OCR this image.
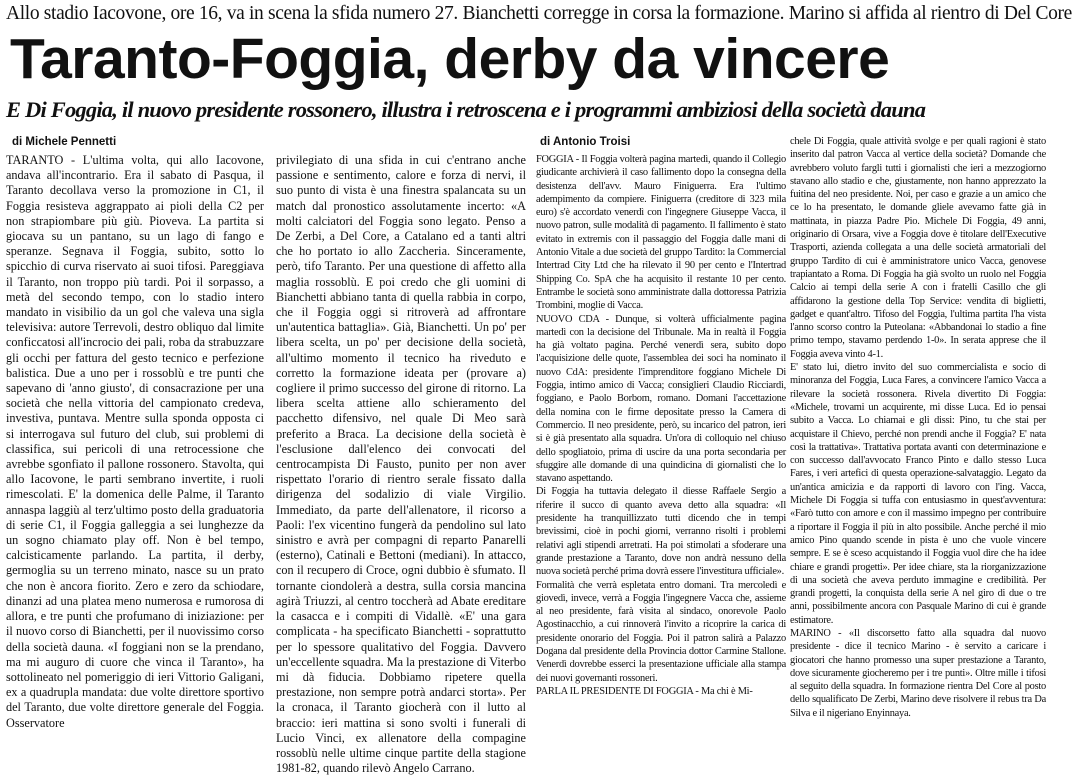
Allo stadio Iacovone, ore 16, va in scena la sfida numero 27. Bianchetti corregge in corsa la formazione. Marino si affida al rientro di Del Core
Taranto-Foggia, derby da vincere
E Di Foggia, il nuovo presidente rossonero, illustra i retroscena e i programmi ambiziosi della società dauna
di Michele Pennetti	di Antonio Troisi

TARANTO - L'ultima volta, qui allo Iacovone, andava all'incontrario. Era il sabato di Pasqua, il Taranto decollava verso la promozione in C1, il Foggia resisteva aggrappato ai pioli della C2 per non strapiombare più giù. Pioveva. La partita si giocava su un pantano, su un lago di fango e speranze. Segnava il Foggia, subito, sotto lo spicchio di curva riservato ai suoi tifosi. Pareggiava il Taranto, non troppo più tardi. Poi il sorpasso, a metà del secondo tempo, con lo stadio intero mandato in visibilio da un gol che valeva una sigla televisiva: autore Terrevoli, destro obliquo dal limite conficcatosi all'incrocio dei pali, roba da strabuzzare gli occhi per fattura del gesto tecnico e perfezione balistica. Due a uno per i rossoblù e tre punti che sapevano di 'anno giusto', di consacrazione per una società che nella vittoria del campionato credeva, investiva, puntava. Mentre sulla sponda opposta ci si interrogava sul futuro del club, sui problemi di classifica, sui pericoli di una retrocessione che avrebbe sgonfiato il pallone rossonero. Stavolta, qui allo Iacovone, le parti sembrano invertite, i ruoli rimescolati. E' la domenica delle Palme, il Taranto annaspa laggiù al terz'ultimo posto della graduatoria di serie C1, il Foggia galleggia a sei lunghezze da un sogno chiamato play off. Non è bel tempo, calcisticamente parlando. La partita, il derby, germoglia su un terreno minato, nasce su un prato che non è ancora fiorito. Zero e zero da schiodare, dinanzi ad una platea meno numerosa e rumorosa di allora, e tre punti che profumano di iniziazione: per il nuovo corso di Bianchetti, per il nuovissimo corso della società dauna. «I foggiani non se la prendano, ma mi auguro di cuore che vinca il Taranto», ha sottolineato nel pomeriggio di ieri Vittorio Galigani, ex a quadrupla mandata: due volte direttore sportivo del Taranto, due volte direttore generale del Foggia. Osservatore

privilegiato di una sfida in cui c'entrano anche passione e sentimento, calore e forza di nervi, il suo punto di vista è una finestra spalancata su un match dal pronostico assolutamente incerto: «A molti calciatori del Foggia sono legato. Penso a De Zerbi, a Del Core, a Catalano ed a tanti altri che ho portato io allo Zaccheria. Sinceramente, però, tifo Taranto. Per una questione di affetto alla maglia rossoblù. E poi credo che gli uomini di Bianchetti abbiano tanta di quella rabbia in corpo, che il Foggia oggi si ritroverà ad affrontare un'autentica battaglia». Già, Bianchetti. Un po' per libera scelta, un po' per decisione della società, all'ultimo momento il tecnico ha riveduto e corretto la formazione ideata per (provare a) cogliere il primo successo del girone di ritorno. La libera scelta attiene allo schieramento del pacchetto difensivo, nel quale Di Meo sarà preferito a Braca. La decisione della società è l'esclusione dall'elenco dei convocati del centrocampista Di Fausto, punito per non aver rispettato l'orario di rientro serale fissato dalla dirigenza del sodalizio di viale Virgilio. Immediato, da parte dell'allenatore, il ricorso a Paoli: l'ex vicentino fungerà da pendolino sul lato sinistro e avrà per compagni di reparto Panarelli (esterno), Catinali e Bettoni (mediani). In attacco, con il recupero di Croce, ogni dubbio è sfumato. Il tornante ciondolerà a destra, sulla corsia mancina agirà Triuzzi, al centro toccherà ad Abate ereditare la casacca e i compiti di Vidallè. «E' una gara complicata - ha specificato Bianchetti - soprattutto per lo spessore qualitativo del Foggia. Davvero un'eccellente squadra. Ma la prestazione di Viterbo mi dà fiducia. Dobbiamo ripetere quella prestazione, non sempre potrà andarci storta». Per la cronaca, il Taranto giocherà con il lutto al braccio: ieri mattina si sono svolti i funerali di Lucio Vinci, ex allenatore della compagine rossoblù nelle ultime cinque partite della stagione 1981-82, quando rilevò Angelo Carrano.

FOGGIA - Il Foggia volterà pagina martedì, quando il Collegio giudicante archivierà il caso fallimento dopo la consegna della desistenza dell'avv. Mauro Finiguerra. Era l'ultimo adempimento da compiere. Finiguerra (creditore di 323 mila euro) s'è accordato venerdì con l'ingegnere Giuseppe Vacca, il nuovo patron, sulle modalità di pagamento. Il fallimento è stato evitato in extremis con il passaggio del Foggia dalle mani di Antonio Vitale a due società del gruppo Tardito: la Commercial Intertrad City Ltd che ha rilevato il 90 per cento e l'Intertrad Shipping Co. SpA che ha acquisito il restante 10 per cento. Entrambe le società sono amministrate dalla dottoressa Patrizia Trombini, moglie di Vacca.

NUOVO CDA - Dunque, si volterà ufficialmente pagina martedì con la decisione del Tribunale. Ma in realtà il Foggia ha già voltato pagina. Perché venerdì sera, subito dopo l'acquisizione delle quote, l'assemblea dei soci ha nominato il nuovo CdA: presidente l'imprenditore foggiano Michele Di Foggia, intimo amico di Vacca; consiglieri Claudio Ricciardi, foggiano, e Paolo Borbom, romano. Domani l'accettazione della nomina con le firme depositate presso la Camera di Commercio. Il neo presidente, però, su incarico del patron, ieri si è già presentato alla squadra. Un'ora di colloquio nel chiuso dello spogliatoio, prima di uscire da una porta secondaria per sfuggire alle domande di una quindicina di giornalisti che lo stavano aspettando.

Di Foggia ha tuttavia delegato il diesse Raffaele Sergio a riferire il succo di quanto aveva detto alla squadra: «Il presidente ha tranquillizzato tutti dicendo che in tempi brevissimi, cioè in pochi giorni, verranno risolti i problemi relativi agli stipendi arretrati. Ha poi stimolati a sfoderare una grande prestazione a Taranto, dove non andrà nessuno della nuova società perché prima dovrà essere l'investitura ufficiale».

Formalità che verrà espletata entro domani. Tra mercoledì e giovedì, invece, verrà a Foggia l'ingegnere Vacca che, assieme al neo presidente, farà visita al sindaco, onorevole Paolo Agostinacchio, a cui rinnoverà l'invito a ricoprire la carica di presidente onorario del Foggia. Poi il patron salirà a Palazzo Dogana dal presidente della Provincia dottor Carmine Stallone. Venerdì dovrebbe esserci la presentazione ufficiale alla stampa dei nuovi governanti rossoneri.

PARLA IL PRESIDENTE DI FOGGIA - Ma chi è Mi-

chele Di Foggia, quale attività svolge e per quali ragioni è stato inserito dal patron Vacca al vertice della società? Domande che avrebbero voluto fargli tutti i giornalisti che ieri a mezzogiorno stavano allo stadio e che, giustamente, non hanno apprezzato la fuitina del neo presidente. Noi, per caso e grazie a un amico che ce lo ha presentato, le domande gliele avevamo fatte già in mattinata, in piazza Padre Pio. Michele Di Foggia, 49 anni, originario di Orsara, vive a Foggia dove è titolare dell'Executive Trasporti, azienda collegata a una delle società armatoriali del gruppo Tardito di cui è amministratore unico Vacca, genovese trapiantato a Roma. Di Foggia ha già svolto un ruolo nel Foggia Calcio ai tempi della serie A con i fratelli Casillo che gli affidarono la gestione della Top Service: vendita di biglietti, gadget e quant'altro. Tifoso del Foggia, l'ultima partita l'ha vista l'anno scorso contro la Puteolana: «Abbandonai lo stadio a fine primo tempo, stavamo perdendo 1-0». In serata apprese che il Foggia aveva vinto 4-1.

E' stato lui, dietro invito del suo commercialista e socio di minoranza del Foggia, Luca Fares, a convincere l'amico Vacca a rilevare la società rossonera. Rivela divertito Di Foggia: «Michele, trovami un acquirente, mi disse Luca. Ed io pensai subito a Vacca. Lo chiamai e gli dissi: Pino, tu che stai per acquistare il Chievo, perché non prendi anche il Foggia? E' nata così la trattativa». Trattativa portata avanti con determinazione e con successo dall'avvocato Franco Pinto e dallo stesso Luca Fares, i veri artefici di questa operazione-salvataggio. Legato da un'antica amicizia e da rapporti di lavoro con l'ing. Vacca, Michele Di Foggia si tuffa con entusiasmo in quest'avventura: «Farò tutto con amore e con il massimo impegno per contribuire a riportare il Foggia il più in alto possibile. Anche perché il mio amico Pino quando scende in pista è uno che vuole vincere sempre. E se è sceso acquistando il Foggia vuol dire che ha idee chiare e grandi progetti». Per idee chiare, sta la riorganizzazione di una società che aveva perduto immagine e credibilità. Per grandi progetti, la conquista della serie A nel giro di due o tre anni, possibilmente ancora con Pasquale Marino di cui è grande estimatore.

MARINO - «Il discorsetto fatto alla squadra dal nuovo presidente - dice il tecnico Marino - è servito a caricare i giocatori che hanno promesso una super prestazione a Taranto, dove sicuramente giocheremo per i tre punti». Oltre mille i tifosi al seguito della squadra. In formazione rientra Del Core al posto dello squalificato De Zerbi, Marino deve risolvere il rebus tra Da Silva e il nigeriano Enyinnaya.
